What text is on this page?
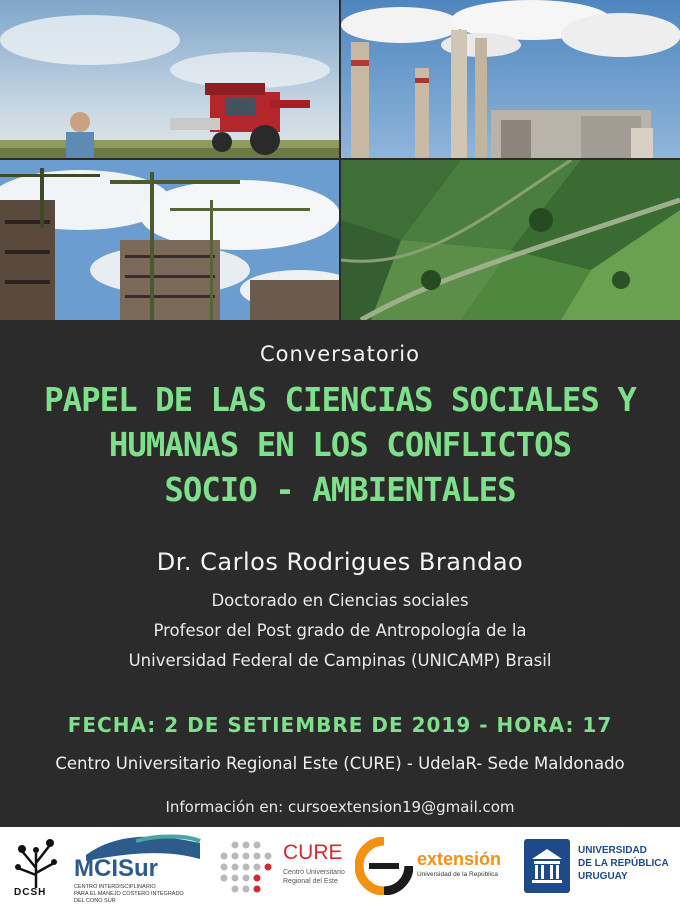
Conversatorio
PAPEL DE LAS CIENCIAS SOCIALES Y
HUMANAS EN LOS CONFLICTOS
SOCIO - AMBIENTALES
Dr. Carlos Rodrigues Brandao
Doctorado en Ciencias sociales
Profesor del Post grado de Antropología de la
Universidad Federal de Campinas (UNICAMP) Brasil
FECHA: 2 DE SETIEMBRE DE 2019 - HORA: 17
Centro Universitario Regional Este (CURE) - UdelaR- Sede Maldonado
Información en: cursoextension19@gmail.com
DCSH
MCISur
CENTRO INTERDISCIPLINARIO
PARA EL MANEJO COSTERO INTEGRADO
DEL CONO SUR
CURE
Centro Universitario
Regional del Este
extensión
Universidad de la República
UNIVERSIDAD
DE LA REPÚBLICA
URUGUAY
